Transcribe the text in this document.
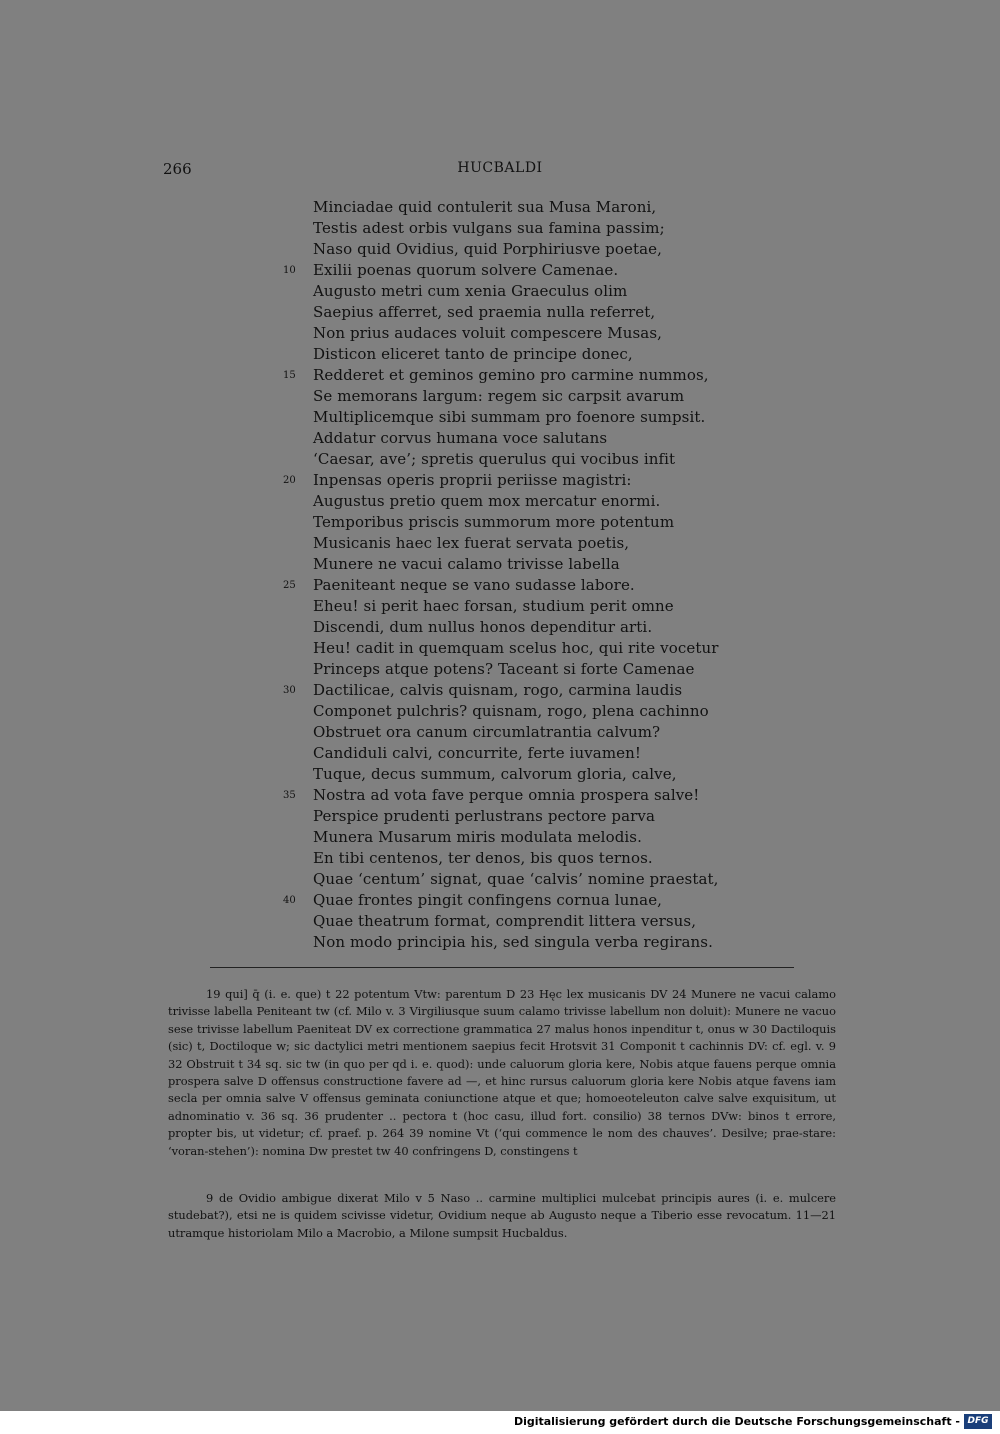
266	HUCBALDI
Minciadae quid contulerit sua Musa Maroni,
Testis adest orbis vulgans sua famina passim;
Naso quid Ovidius, quid Porphiriusve poetae,
10 Exilii poenas quorum solvere Camenae.
Augusto metri cum xenia Graeculus olim
Saepius afferret, sed praemia nulla referret,
Non prius audaces voluit compescere Musas,
Disticon eliceret tanto de principe donec,
15 Redderet et geminos gemino pro carmine nummos,
Se memorans largum: regem sic carpsit avarum
Multiplicemque sibi summam pro foenore sumpsit.
Addatur corvus humana voce salutans
‘Caesar, ave’; spretis querulus qui vocibus infit
20 Inpensas operis proprii periisse magistri:
Augustus pretio quem mox mercatur enormi.
Temporibus priscis summorum more potentum
Musicanis haec lex fuerat servata poetis,
Munere ne vacui calamo trivisse labella
25 Paeniteant neque se vano sudasse labore.
Eheu! si perit haec forsan, studium perit omne
Discendi, dum nullus honos dependitur arti.
Heu! cadit in quemquam scelus hoc, qui rite vocetur
Princeps atque potens? Taceant si forte Camenae
30 Dactilicae, calvis quisnam, rogo, carmina laudis
Componet pulchris? quisnam, rogo, plena cachinno
Obstruet ora canum circumlatrantia calvum?
Candiduli calvi, concurrite, ferte iuvamen!
Tuque, decus summum, calvorum gloria, calve,
35 Nostra ad vota fave perque omnia prospera salve!
Perspice prudenti perlustrans pectore parva
Munera Musarum miris modulata melodis.
En tibi centenos, ter denos, bis quos ternos.
Quae ‘centum’ signat, quae ‘calvis’ nomine praestat,
40 Quae frontes pingit confingens cornua lunae,
Quae theatrum format, comprendit littera versus,
Non modo principia his, sed singula verba regirans.

19 qui] q̄ (i. e. que) t 22 potentum Vtw: parentum D 23 Hęc lex musicanis DV 24 Munere ne vacui calamo trivisse labella Peniteant tw (cf. Milo v. 3 Virgiliusque suum calamo trivisse labellum non doluit): Munere ne vacuo sese trivisse labellum Paeniteat DV ex correctione grammatica 27 malus honos inpenditur t, onus w 30 Dactiloquis (sic) t, Doctiloque w; sic dactylici metri mentionem saepius fecit Hrotsvit 31 Componit t cachinnis DV: cf. egl. v. 9 32 Obstruit t 34 sq. sic tw (in quo per qd i. e. quod): unde caluorum gloria kere, Nobis atque fauens perque omnia prospera salve D offensus constructione favere ad —, et hinc rursus caluorum gloria kere Nobis atque favens iam secla per omnia salve V offensus geminata coniunctione atque et que; homoeoteleuton calve salve exquisitum, ut adnominatio v. 36 sq. 36 prudenter .. pectora t (hoc casu, illud fort. consilio) 38 ternos DVw: binos t errore, propter bis, ut videtur; cf. praef. p. 264 39 nomine Vt (‘qui commence le nom des chauves’. Desilve; prae-stare: ‘voran-stehen’): nomina Dw prestet tw 40 confringens D, constingens t

9 de Ovidio ambigue dixerat Milo v 5 Naso .. carmine multiplici mulcebat principis aures (i. e. mulcere studebat?), etsi ne is quidem scivisse videtur, Ovidium neque ab Augusto neque a Tiberio esse revocatum. 11—21 utramque historiolam Milo a Macrobio, a Milone sumpsit Hucbaldus.

Digitalisierung gefördert durch die Deutsche Forschungsgemeinschaft - DFG
